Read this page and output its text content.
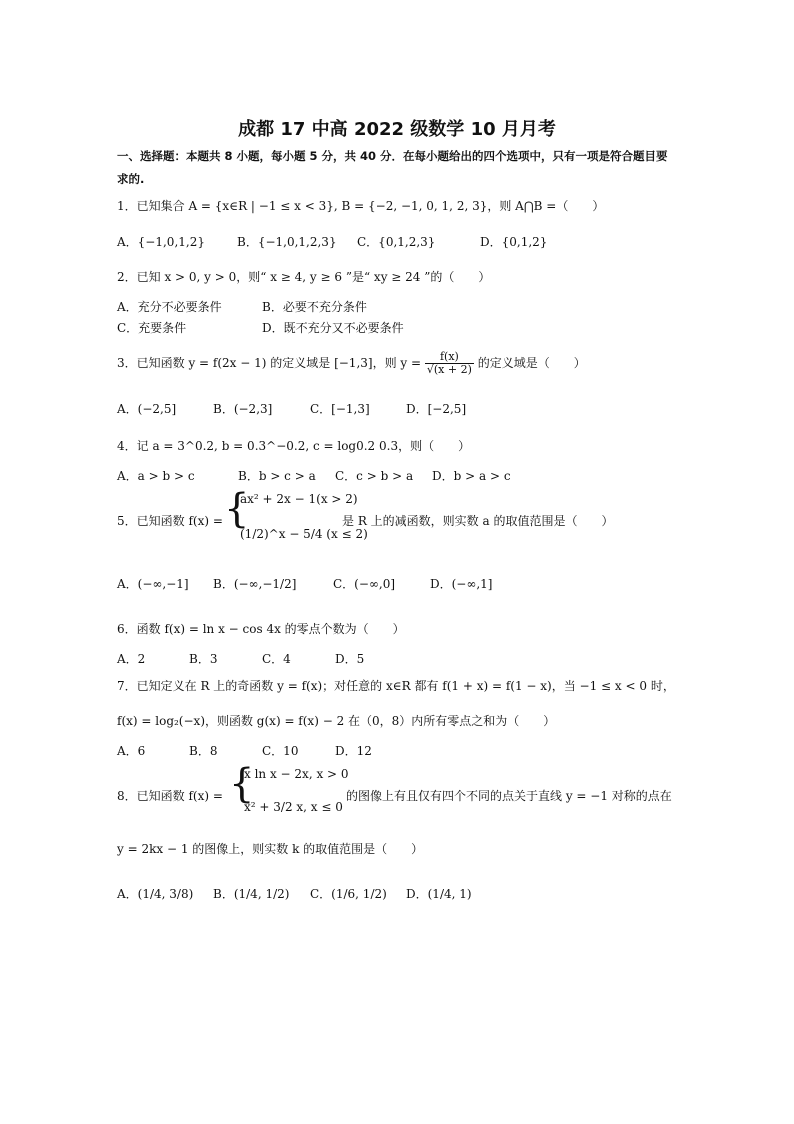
成都 17 中高 2022 级数学 10 月月考
一、选择题：本题共 8 小题，每小题 5 分，共 40 分．在每小题给出的四个选项中，只有一项是符合题目要
求的.
1．已知集合 A = {x∈R | −1 ≤ x < 3}, B = {−2, −1, 0, 1, 2, 3}，则 A⋂B =（　　）
A．{−1,0,1,2}	B．{−1,0,1,2,3} C．{0,1,2,3}	D．{0,1,2}
2．已知 x > 0, y > 0，则“ x ≥ 4, y ≥ 6 ”是“ xy ≥ 24 ”的（　　）
A．充分不必要条件	B．必要不充分条件
C．充要条件	D．既不充分又不必要条件
3．已知函数 y = f(2x − 1) 的定义域是 [−1,3]，则 $y = \frac{f(x)}{√(x + 2)}$ 的定义域是（　　）
A．(−2,5]	B．(−2,3]	C．[−1,3]	D．[−2,5]
4．记 a = 3^0.2, b = 0.3^−0.2, c = log0.2 0.3，则（　　）
A．a > b > c	B．b > c > a C．c > b > a D．b > a > c
5．已知函数 f(x) = {
ax² + 2x − 1(x > 2)
(1/2)^x − 5/4 (x ≤ 2)
是 R 上的减函数，则实数 a 的取值范围是（　　）
A．(−∞,−1] B．(−∞,−1/2]	C．(−∞,0]	D．(−∞,1]
6．函数 f(x) = ln x − cos 4x 的零点个数为（　　）
A．2	B．3	C．4	D．5
7．已知定义在 R 上的奇函数 y = f(x)；对任意的 x∈R 都有 f(1 + x) = f(1 − x)，当 −1 ≤ x < 0 时，
f(x) = log₂(−x)，则函数 g(x) = f(x) − 2 在（0，8）内所有零点之和为（　　）
A．6	B．8	C．10	D．12
8．已知函数 f(x) = {
x ln x − 2x, x > 0
x² + 3/2 x, x ≤ 0
的图像上有且仅有四个不同的点关于直线 y = −1 对称的点在
y = 2kx − 1 的图像上，则实数 k 的取值范围是（　　）
A．(1/4, 3/8) B．(1/4, 1/2) C．(1/6, 1/2) D．(1/4, 1)
